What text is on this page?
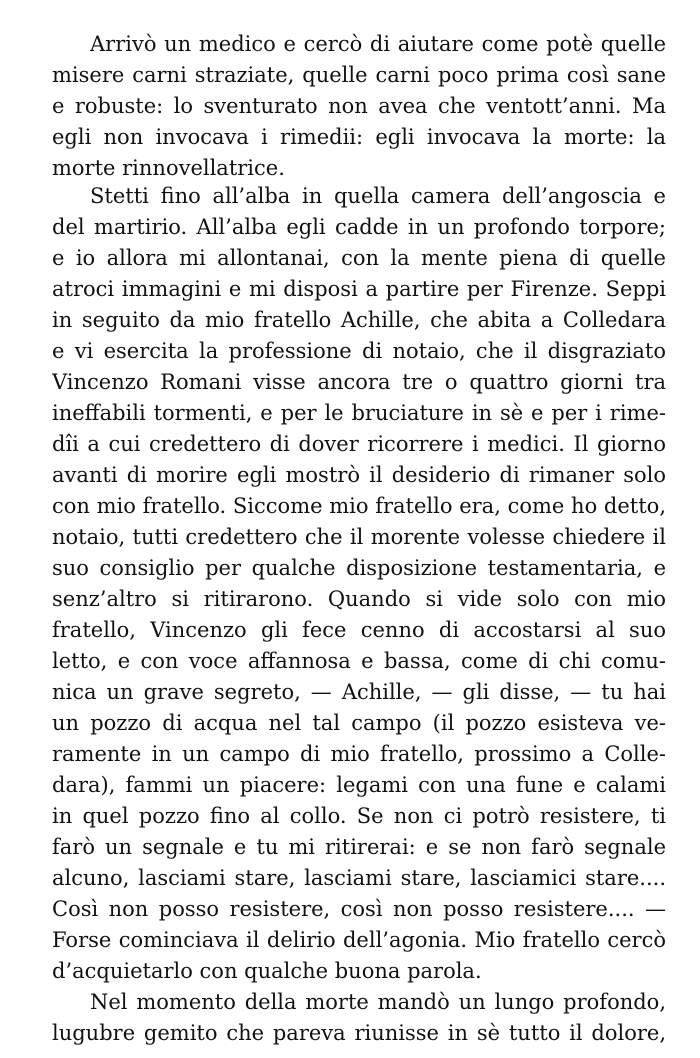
Arrivò un medico e cercò di aiutare come potè quelle
misere carni straziate, quelle carni poco prima così sane
e robuste: lo sventurato non avea che ventott’anni. Ma
egli non invocava i rimedii: egli invocava la morte: la
morte rinnovellatrice.
Stetti fino all’alba in quella camera dell’angoscia e
del martirio. All’alba egli cadde in un profondo torpore;
e io allora mi allontanai, con la mente piena di quelle
atroci immagini e mi disposi a partire per Firenze. Seppi
in seguito da mio fratello Achille, che abita a Colledara
e vi esercita la professione di notaio, che il disgraziato
Vincenzo Romani visse ancora tre o quattro giorni tra
ineffabili tormenti, e per le bruciature in sè e per i rime-
dîi a cui credettero di dover ricorrere i medici. Il giorno
avanti di morire egli mostrò il desiderio di rimaner solo
con mio fratello. Siccome mio fratello era, come ho detto,
notaio, tutti credettero che il morente volesse chiedere il
suo consiglio per qualche disposizione testamentaria, e
senz’altro si ritirarono. Quando si vide solo con mio
fratello, Vincenzo gli fece cenno di accostarsi al suo
letto, e con voce affannosa e bassa, come di chi comu-
nica un grave segreto, — Achille, — gli disse, — tu hai
un pozzo di acqua nel tal campo (il pozzo esisteva ve-
ramente in un campo di mio fratello, prossimo a Colle-
dara), fammi un piacere: legami con una fune e calami
in quel pozzo fino al collo. Se non ci potrò resistere, ti
farò un segnale e tu mi ritirerai: e se non farò segnale
alcuno, lasciami stare, lasciami stare, lasciamici stare....
Così non posso resistere, così non posso resistere.... —
Forse cominciava il delirio dell’agonia. Mio fratello cercò
d’acquietarlo con qualche buona parola.
Nel momento della morte mandò un lungo profondo,
lugubre gemito che pareva riunisse in sè tutto il dolore,
